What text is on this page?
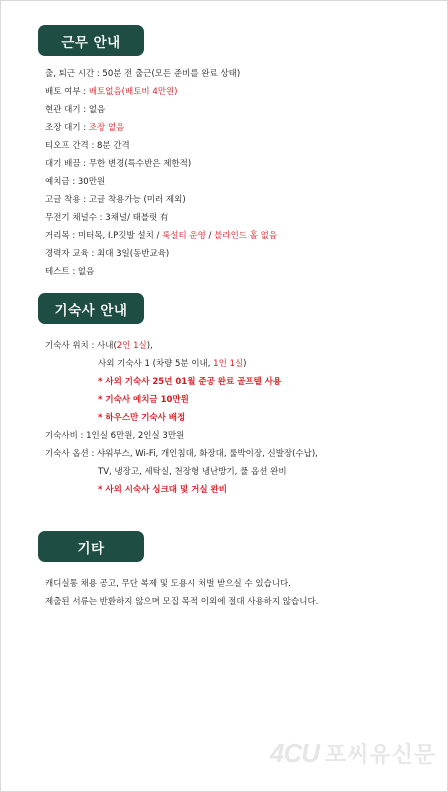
근무 안내
출, 퇴근 시간 : 50분 전 출근(모든 준비를 완료 상태)
배토 여부 : 배토없음(배토비 4만원)
현관 대기 : 없음
조장 대기 : 조장 없음
티오프 간격 : 8분 간격
대기 배끔 : 무한 변경(특수반은 제한적)
예치금 : 30만원
고글 착용 : 고글 착용가능 (미러 제외)
무전기 채널수 : 3채널/ 태블릿 有
거리목 : 미터목, I.P깃발 설치 / 룩설티 운영 / 블라인드 홀 없음
경력자 교육 : 최대 3일(동반교육)
테스트 : 없음
기숙사 안내
기숙사 위치 : 사내(2인 1실),
사외 기숙사 1 (차량 5분 이내, 1인 1실)
* 사외 기숙사 25년 01월 준공 완료 골프텔 사용
* 기숙사 예치금 10만원
* 하우스만 기숙사 배정
기숙사비 : 1인실 6만원, 2인실 3만원
기숙사 옵션 : 샤워부스, Wi-Fi, 개인침대, 화장대, 룰박이장, 신발장(수납),
TV, 냉장고, 세탁실, 천장형 냉난방기, 풀 옵션 완비
* 사외 시숙사 싱크대 및 거실 완비
기타
캐디실통 채용 공고, 무단 복제 및 도용시 처벌 받으실 수 있습니다.
제출된 서류는 반환하지 않으며 모집 목적 이외에 절대 사용하지 않습니다.
4CU 포씨유신문
